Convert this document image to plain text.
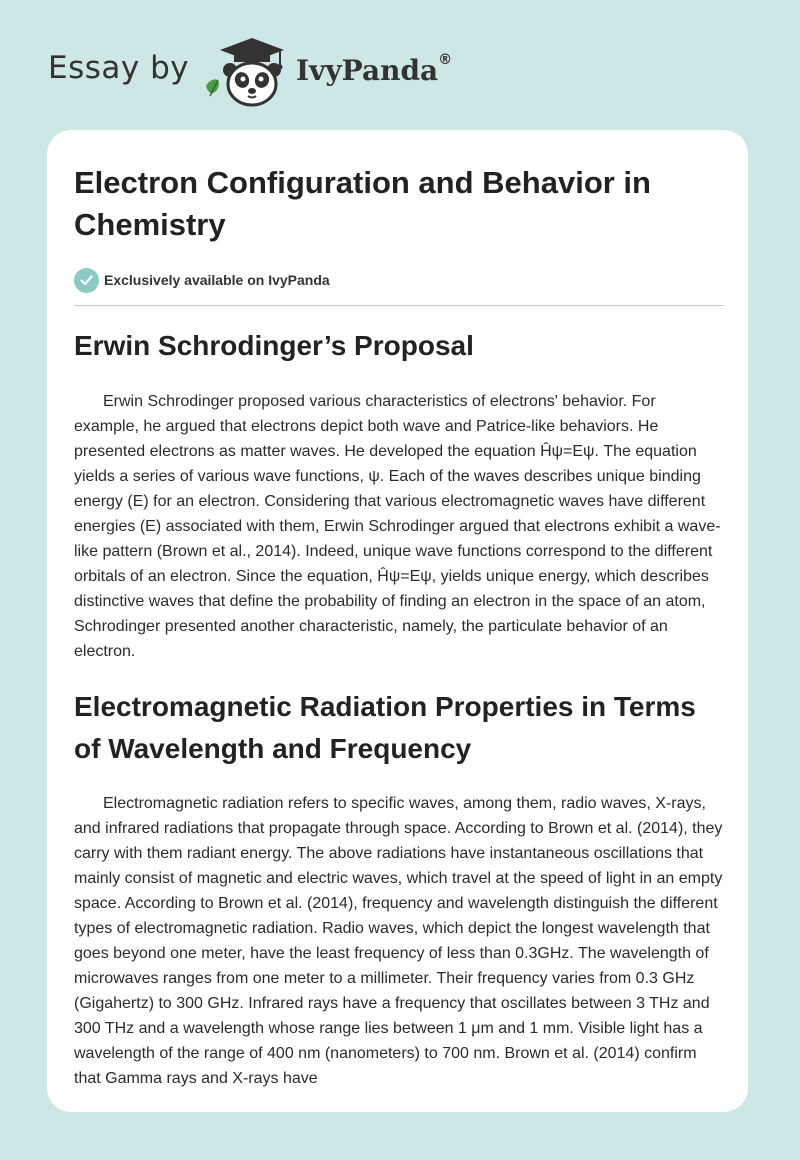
Essay by	IvyPanda®
Electron Configuration and Behavior in Chemistry
Exclusively available on IvyPanda
Erwin Schrodinger’s Proposal

Erwin Schrodinger proposed various characteristics of electrons' behavior. For example, he argued that electrons depict both wave and Patrice-like behaviors. He presented electrons as matter waves. He developed the equation Ĥψ=Eψ. The equation yields a series of various wave functions, ψ. Each of the waves describes unique binding energy (E) for an electron. Considering that various electromagnetic waves have different energies (E) associated with them, Erwin Schrodinger argued that electrons exhibit a wave-like pattern (Brown et al., 2014). Indeed, unique wave functions correspond to the different orbitals of an electron. Since the equation, Ĥψ=Eψ, yields unique energy, which describes distinctive waves that define the probability of finding an electron in the space of an atom, Schrodinger presented another characteristic, namely, the particulate behavior of an electron.

Electromagnetic Radiation Properties in Terms of Wavelength and Frequency

Electromagnetic radiation refers to specific waves, among them, radio waves, X-rays, and infrared radiations that propagate through space. According to Brown et al. (2014), they carry with them radiant energy. The above radiations have instantaneous oscillations that mainly consist of magnetic and electric waves, which travel at the speed of light in an empty space. According to Brown et al. (2014), frequency and wavelength distinguish the different types of electromagnetic radiation. Radio waves, which depict the longest wavelength that goes beyond one meter, have the least frequency of less than 0.3GHz. The wavelength of microwaves ranges from one meter to a millimeter. Their frequency varies from 0.3 GHz (Gigahertz) to 300 GHz. Infrared rays have a frequency that oscillates between 3 THz and 300 THz and a wavelength whose range lies between 1 μm and 1 mm. Visible light has a wavelength of the range of 400 nm (nanometers) to 700 nm. Brown et al. (2014) confirm that Gamma rays and X-rays have
